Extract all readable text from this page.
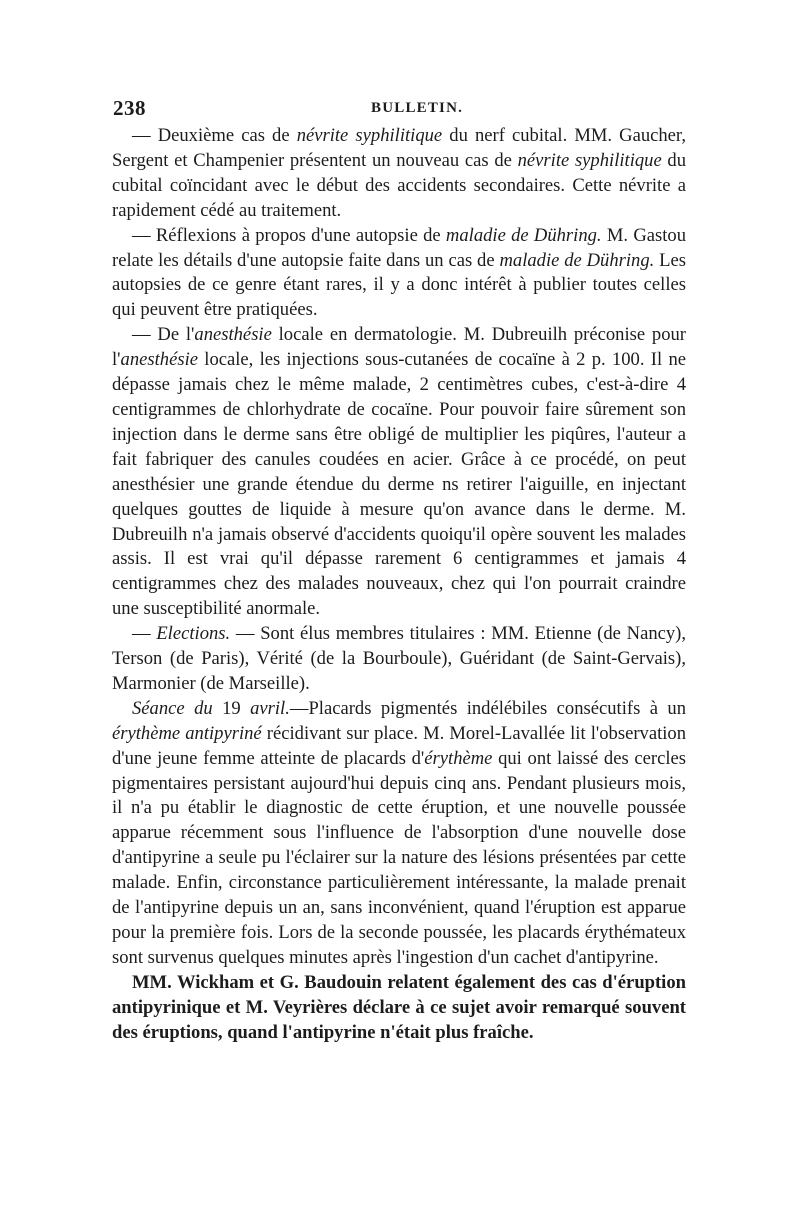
238	BULLETIN.

— Deuxième cas de névrite syphilitique du nerf cubital. MM. Gaucher, Sergent et Champenier présentent un nouveau cas de névrite syphilitique du cubital coïncidant avec le début des accidents secondaires. Cette névrite a rapidement cédé au traitement.

— Réflexions à propos d'une autopsie de maladie de Dühring. M. Gastou relate les détails d'une autopsie faite dans un cas de maladie de Dühring. Les autopsies de ce genre étant rares, il y a donc intérêt à publier toutes celles qui peuvent être pratiquées.

— De l'anesthésie locale en dermatologie. M. Dubreuilh préconise pour l'anesthésie locale, les injections sous-cutanées de cocaïne à 2 p. 100. Il ne dépasse jamais chez le même malade, 2 centimètres cubes, c'est-à-dire 4 centigrammes de chlorhydrate de cocaïne. Pour pouvoir faire sûrement son injection dans le derme sans être obligé de multiplier les piqûres, l'auteur a fait fabriquer des canules coudées en acier. Grâce à ce procédé, on peut anesthésier une grande étendue du derme ns retirer l'aiguille, en injectant quelques gouttes de liquide à mesure qu'on avance dans le derme. M. Dubreuilh n'a jamais observé d'accidents quoiqu'il opère souvent les malades assis. Il est vrai qu'il dépasse rarement 6 centigrammes et jamais 4 centigrammes chez des malades nouveaux, chez qui l'on pourrait craindre une susceptibilité anormale.

— Elections. — Sont élus membres titulaires : MM. Etienne (de Nancy), Terson (de Paris), Vérité (de la Bourboule), Guéridant (de Saint-Gervais), Marmonier (de Marseille).

Séance du 19 avril.—Placards pigmentés indélébiles consécutifs à un érythème antipyriné récidivant sur place. M. Morel-Lavallée lit l'observation d'une jeune femme atteinte de placards d'érythème qui ont laissé des cercles pigmentaires persistant aujourd'hui depuis cinq ans. Pendant plusieurs mois, il n'a pu établir le diagnostic de cette éruption, et une nouvelle poussée apparue récemment sous l'influence de l'absorption d'une nouvelle dose d'antipyrine a seule pu l'éclairer sur la nature des lésions présentées par cette malade. Enfin, circonstance particulièrement intéressante, la malade prenait de l'antipyrine depuis un an, sans inconvénient, quand l'éruption est apparue pour la première fois. Lors de la seconde poussée, les placards érythémateux sont survenus quelques minutes après l'ingestion d'un cachet d'antipyrine.

MM. Wickham et G. Baudouin relatent également des cas d'éruption antipyrinique et M. Veyrières déclare à ce sujet avoir remarqué souvent des éruptions, quand l'antipyrine n'était plus fraîche.
